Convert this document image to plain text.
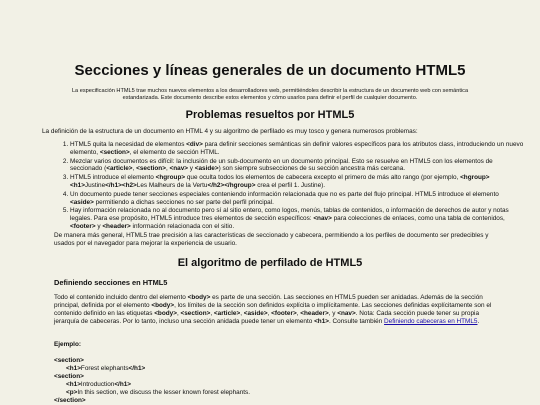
Secciones y líneas generales de un documento HTML5

La especificación HTML5 trae muchos nuevos elementos a los desarrolladores web, permitiéndoles describir la estructura de un documento web con semántica estandarizada. Este documento describe estos elementos y cómo usarlos para definir el perfil de cualquier documento.

Problemas resueltos por HTML5

La definición de la estructura de un documento en HTML 4 y su algoritmo de perfilado es muy tosco y genera numerosos problemas:

1. HTML5 quita la necesidad de elementos <div> para definir secciones semánticas sin definir valores específicos para los atributos class, introduciendo un nuevo elemento, <section>, el elemento de sección HTML.
2. Mezclar varios documentos es difícil: la inclusión de un sub-documento en un documento principal. Esto se resuelve en HTML5 con los elementos de seccionado (<article>, <section>, <nav> y <aside>) son siempre subsecciones de su sección ancestra más cercana.
3. HTML5 introduce el elemento <hgroup> que oculta todos los elementos de cabecera excepto el primero de más alto rango (por ejemplo, <hgroup><h1>Justine</h1><h2>Les Malheurs de la Vertu</h2></hgroup> crea el perfil 1. Justine).
4. Un documento puede tener secciones especiales conteniendo información relacionada que no es parte del flujo principal. HTML5 introduce el elemento <aside> permitiendo a dichas secciones no ser parte del perfil principal.
5. Hay información relacionada no al documento pero sí al sitio entero, como logos, menús, tablas de contenidos, o información de derechos de autor y notas legales. Para ese propósito, HTML5 introduce tres elementos de sección específicos: <nav> para colecciones de enlaces, como una tabla de contenidos, <footer> y <header> información relacionada con el sitio.

De manera más general, HTML5 trae precisión a las características de seccionado y cabecera, permitiendo a los perfiles de documento ser predecibles y usados por el navegador para mejorar la experiencia de usuario.

El algoritmo de perfilado de HTML5
Definiendo secciones en HTML5

Todo el contenido incluido dentro del elemento <body> es parte de una sección. Las secciones en HTML5 pueden ser anidadas. Además de la sección principal, definida por el elemento <body>, los límites de la sección son definidos explícita o implícitamente. Las secciones definidas explícitamente son el contenido definido en las etiquetas <body>, <section>, <article>, <aside>, <footer>, <header>, y <nav>. Nota: Cada sección puede tener su propia jerarquía de cabeceras. Por lo tanto, incluso una sección anidada puede tener un elemento <h1>. Consulte también Definiendo cabeceras en HTML5.

Ejemplo:

<section>
<h1>Forest elephants</h1>
<section>
<h1>Introduction</h1>
<p>In this section, we discuss the lesser known forest elephants.
</section>
